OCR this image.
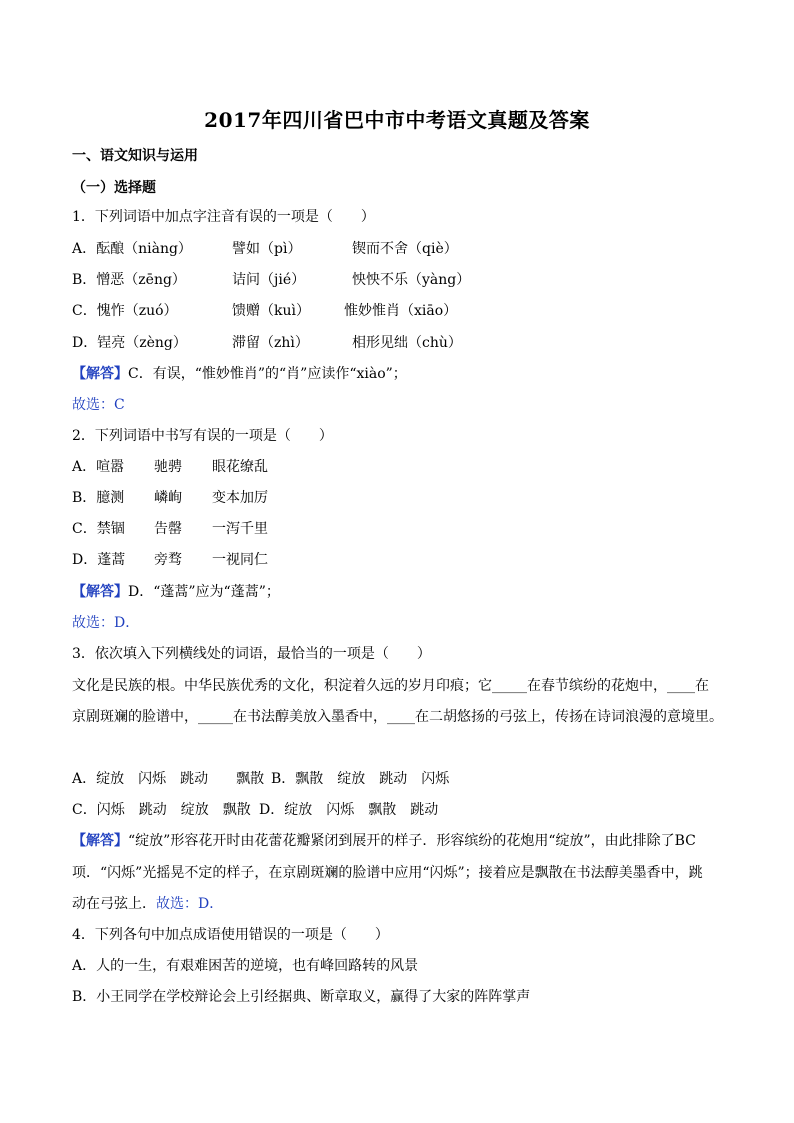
2017年四川省巴中市中考语文真题及答案
一、语文知识与运用
（一）选择题
1．下列词语中加点字注音有误的一项是（　　）
A．酝酿（niàng）	譬如（pì）	锲而不舍（qiè）
B．憎恶（zēng）	诘问（jié）	怏怏不乐（yàng）
C．愧怍（zuó）	馈赠（kuì） 惟妙惟肖（xiāo）
D．锃亮（zèng）	滞留（zhì）	相形见绌（chù）
【解答】C．有误，“惟妙惟肖”的“肖”应读作“xiào”；
故选：C
2．下列词语中书写有误的一项是（　　）
A．喧嚣 驰骋 眼花缭乱
B．臆测 嶙峋 变本加厉
C．禁锢 告罄 一泻千里
D．蓬蒿 旁骛 一视同仁
【解答】D．“蓬蒿”应为“蓬蒿”；
故选：D．
3．依次填入下列横线处的词语，最恰当的一项是（　　）
文化是民族的根。中华民族优秀的文化，积淀着久远的岁月印痕；它_____在春节缤纷的花炮中，____在
京剧斑斓的脸谱中，_____在书法醇美放入墨香中，____在二胡悠扬的弓弦上，传扬在诗词浪漫的意境里。
A．绽放　闪烁　跳动　　飘散 B．飘散　绽放　跳动　闪烁
C．闪烁　跳动　绽放　飘散 D．绽放　闪烁　飘散　跳动
【解答】“绽放”形容花开时由花蕾花瓣紧闭到展开的样子．形容缤纷的花炮用“绽放”，由此排除了BC
项．“闪烁”光摇晃不定的样子，在京剧斑斓的脸谱中应用“闪烁”；接着应是飘散在书法醇美墨香中，跳
动在弓弦上．故选：D．
4．下列各句中加点成语使用错误的一项是（　　）
A．人的一生，有艰难困苦的逆境，也有峰回路转的风景
B．小王同学在学校辩论会上引经据典、断章取义，赢得了大家的阵阵掌声
